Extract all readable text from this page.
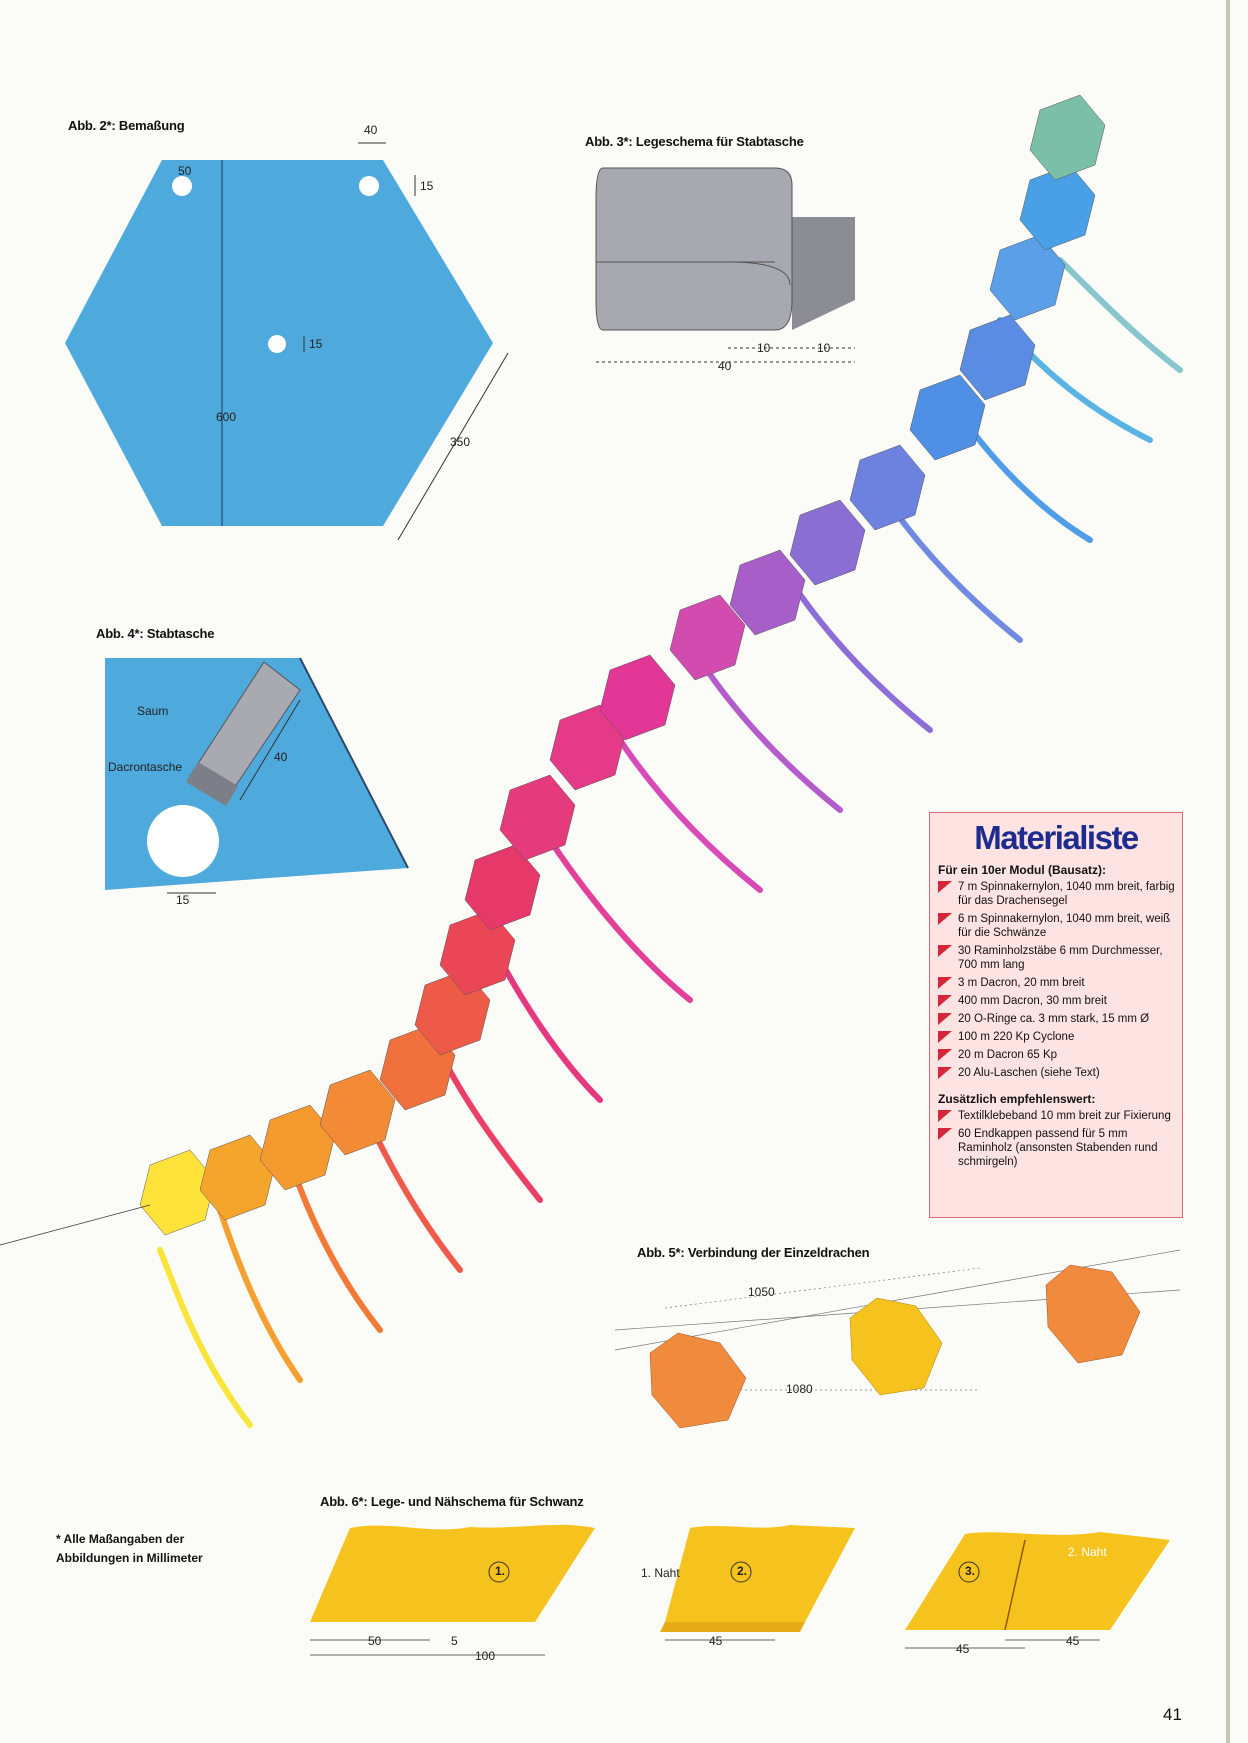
Abb. 2*: Bemaßung	40
15
50
15
600
350
Abb. 3*: Legeschema für Stabtasche
10	10
40
Abb. 4*: Stabtasche
Saum
Dacrontasche
40
15
Materialiste
Für ein 10er Modul (Bausatz):
7 m Spinnakernylon, 1040 mm breit, farbig für das Drachensegel
6 m Spinnakernylon, 1040 mm breit, weiß für die Schwänze
30 Raminholzstäbe 6 mm Durchmesser, 700 mm lang
3 m Dacron, 20 mm breit
400 mm Dacron, 30 mm breit
20 O-Ringe ca. 3 mm stark, 15 mm Ø
100 m 220 Kp Cyclone
20 m Dacron 65 Kp
20 Alu-Laschen (siehe Text)
Zusätzlich empfehlenswert:
Textilklebeband 10 mm breit zur Fixierung
60 Endkappen passend für 5 mm Raminholz (ansonsten Stabenden rund schmirgeln)
Abb. 5*: Verbindung der Einzeldrachen
1050
1080
Abb. 6*: Lege- und Nähschema für Schwanz
1.	2.	3.
1. Naht
2. Naht
50	5
100
45
45
45
* Alle Maßangaben der Abbildungen in Millimeter
41
